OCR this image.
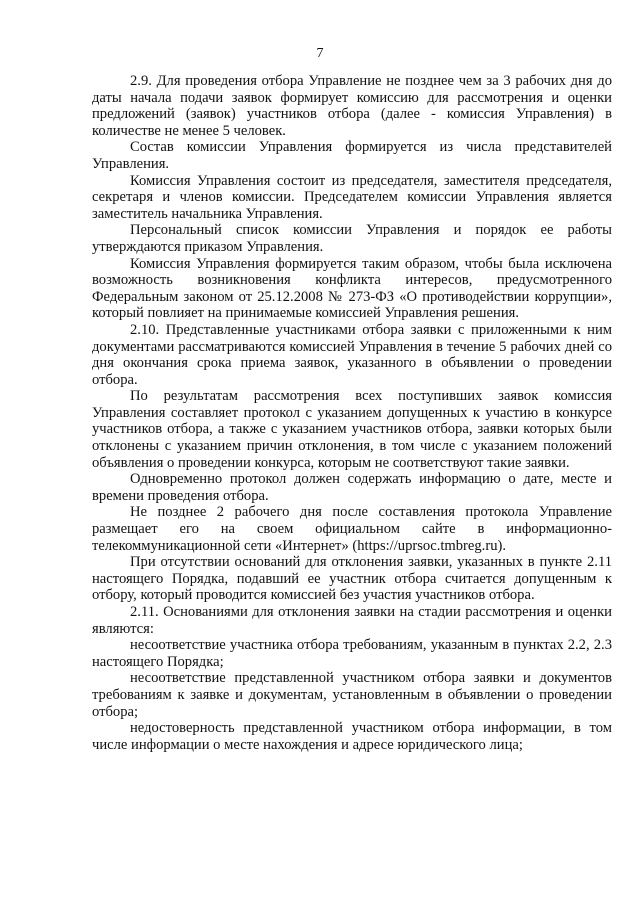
7

2.9. Для проведения отбора Управление не позднее чем за 3 рабочих дня до даты начала подачи заявок формирует комиссию для рассмотрения и оценки предложений (заявок) участников отбора (далее - комиссия Управления) в количестве не менее 5 человек.

Состав комиссии Управления формируется из числа представителей Управления.

Комиссия Управления состоит из председателя, заместителя председателя, секретаря и членов комиссии. Председателем комиссии Управления является заместитель начальника Управления.

Персональный список комиссии Управления и порядок ее работы утверждаются приказом Управления.

Комиссия Управления формируется таким образом, чтобы была исключена возможность возникновения конфликта интересов, предусмотренного Федеральным законом от 25.12.2008 № 273-ФЗ «О противодействии коррупции», который повлияет на принимаемые комиссией Управления решения.

2.10. Представленные участниками отбора заявки с приложенными к ним документами рассматриваются комиссией Управления в течение 5 рабочих дней со дня окончания срока приема заявок, указанного в объявлении о проведении отбора.

По результатам рассмотрения всех поступивших заявок комиссия Управления составляет протокол с указанием допущенных к участию в конкурсе участников отбора, а также с указанием участников отбора, заявки которых были отклонены с указанием причин отклонения, в том числе с указанием положений объявления о проведении конкурса, которым не соответствуют такие заявки.

Одновременно протокол должен содержать информацию о дате, месте и времени проведения отбора.

Не позднее 2 рабочего дня после составления протокола Управление размещает его на своем официальном сайте в информационно-телекоммуникационной сети «Интернет» (https://uprsoc.tmbreg.ru).

При отсутствии оснований для отклонения заявки, указанных в пункте 2.11 настоящего Порядка, подавший ее участник отбора считается допущенным к отбору, который проводится комиссией без участия участников отбора.

2.11. Основаниями для отклонения заявки на стадии рассмотрения и оценки являются:

несоответствие участника отбора требованиям, указанным в пунктах 2.2, 2.3 настоящего Порядка;

несоответствие представленной участником отбора заявки и документов требованиям к заявке и документам, установленным в объявлении о проведении отбора;

недостоверность представленной участником отбора информации, в том числе информации о месте нахождения и адресе юридического лица;
